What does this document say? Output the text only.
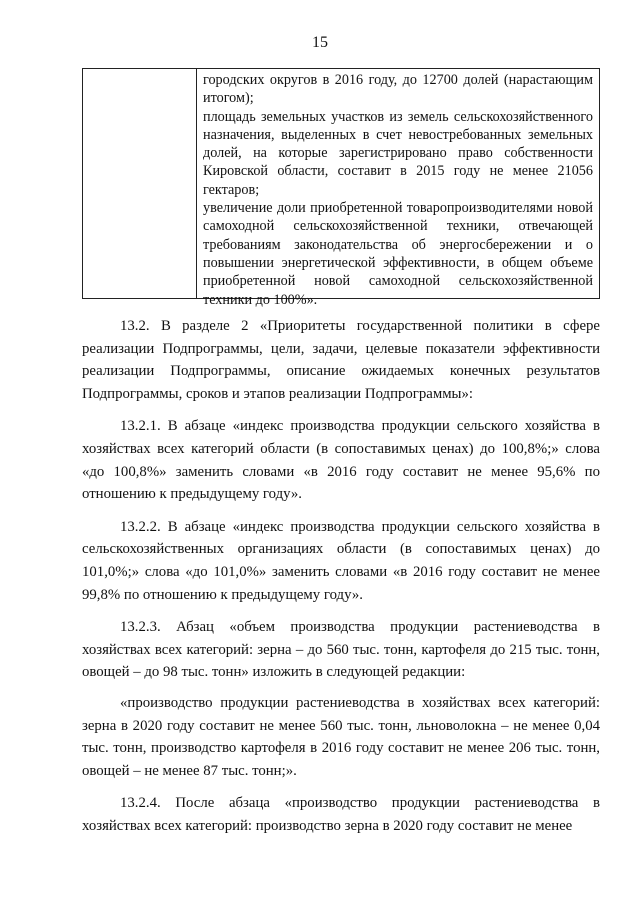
15

городских округов в 2016 году, до 12700 долей (нарастающим итогом);

площадь земельных участков из земель сельскохозяйственного назначения, выделенных в счет невостребованных земельных долей, на которые зарегистрировано право собственности Кировской области, составит в 2015 году не менее 21056 гектаров;

увеличение доли приобретенной товаропроизводителями новой самоходной сельскохозяйственной техники, отвечающей требованиям законодательства об энергосбережении и о повышении энергетической эффективности, в общем объеме приобретенной новой самоходной сельскохозяйственной техники до 100%».

13.2. В разделе 2 «Приоритеты государственной политики в сфере реализации Подпрограммы, цели, задачи, целевые показатели эффективности реализации Подпрограммы, описание ожидаемых конечных результатов Подпрограммы, сроков и этапов реализации Подпрограммы»:

13.2.1. В абзаце «индекс производства продукции сельского хозяйства в хозяйствах всех категорий области (в сопоставимых ценах) до 100,8%;» слова «до 100,8%» заменить словами «в 2016 году составит не менее 95,6% по отношению к предыдущему году».

13.2.2. В абзаце «индекс производства продукции сельского хозяйства в сельскохозяйственных организациях области (в сопоставимых ценах) до 101,0%;» слова «до 101,0%» заменить словами «в 2016 году составит не менее 99,8% по отношению к предыдущему году».

13.2.3. Абзац «объем производства продукции растениеводства в хозяйствах всех категорий: зерна – до 560 тыс. тонн, картофеля до 215 тыс. тонн, овощей – до 98 тыс. тонн» изложить в следующей редакции:

«производство продукции растениеводства в хозяйствах всех категорий: зерна в 2020 году составит не менее 560 тыс. тонн, льноволокна – не менее 0,04 тыс. тонн, производство картофеля в 2016 году составит не менее 206 тыс. тонн, овощей – не менее 87 тыс. тонн;».

13.2.4. После абзаца «производство продукции растениеводства в хозяйствах всех категорий: производство зерна в 2020 году составит не менее
